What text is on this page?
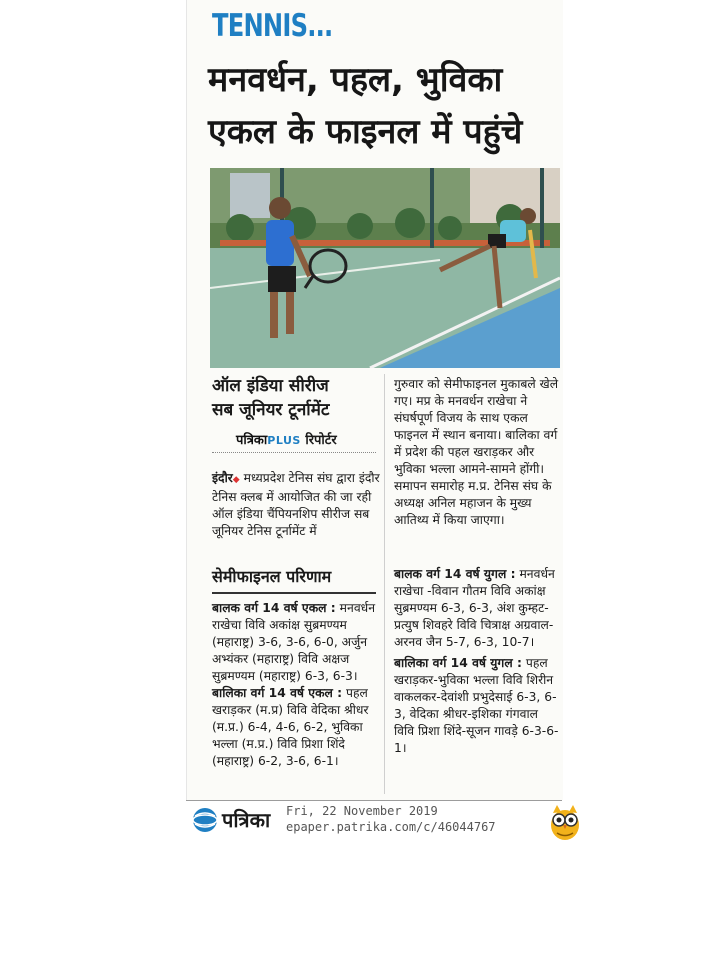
TENNIS...
मनवर्धन, पहल, भुविका
एकल के फाइनल में पहुंचे
ऑल इंडिया सीरीज
सब जूनियर टूर्नामेंट
पत्रिकाPLUS रिपोर्टर
इंदौर◆ मध्यप्रदेश टेनिस संघ द्वारा इंदौर टेनिस क्लब में आयोजित की जा रही ऑल इंडिया चैंपियनशिप सीरीज सब जूनियर टेनिस टूर्नामेंट में
गुरुवार को सेमीफाइनल मुकाबले खेले गए। मप्र के मनवर्धन राखेचा ने संघर्षपूर्ण विजय के साथ एकल फाइनल में स्थान बनाया। बालिका वर्ग में प्रदेश की पहल खराड़कर और भुविका भल्ला आमने-सामने होंगी। समापन समारोह म.प्र. टेनिस संघ के अध्यक्ष अनिल महाजन के मुख्य आतिथ्य में किया जाएगा।
सेमीफाइनल परिणाम
बालक वर्ग 14 वर्ष एकल : मनवर्धन राखेचा विवि अकांक्ष सुब्रमण्यम (महाराष्ट्र) 3-6, 3-6, 6-0, अर्जुन अभ्यंकर (महाराष्ट्र) विवि अक्षज सुब्रमण्यम (महाराष्ट्र) 6-3, 6-3।
बालिका वर्ग 14 वर्ष एकल : पहल खराड़कर (म.प्र) विवि वेदिका श्रीधर (म.प्र.) 6-4, 4-6, 6-2, भुविका भल्ला (म.प्र.) विवि प्रिशा शिंदे (महाराष्ट्र) 6-2, 3-6, 6-1।
बालक वर्ग 14 वर्ष युगल : मनवर्धन राखेचा -विवान गौतम विवि अकांक्ष सुब्रमण्यम 6-3, 6-3, अंश कुम्हट-प्रत्युष शिवहरे विवि चित्राक्ष अग्रवाल-अरनव जैन 5-7, 6-3, 10-7।
बालिका वर्ग 14 वर्ष युगल : पहल खराड़कर-भुविका भल्ला विवि शिरीन वाकलकर-देवांशी प्रभुदेसाई 6-3, 6-3, वेदिका श्रीधर-इशिका गंगवाल विवि प्रिशा शिंदे-सूजन गावड़े 6-3-6-1।
पत्रिका Fri, 22 November 2019
epaper.patrika.com/c/46044767
